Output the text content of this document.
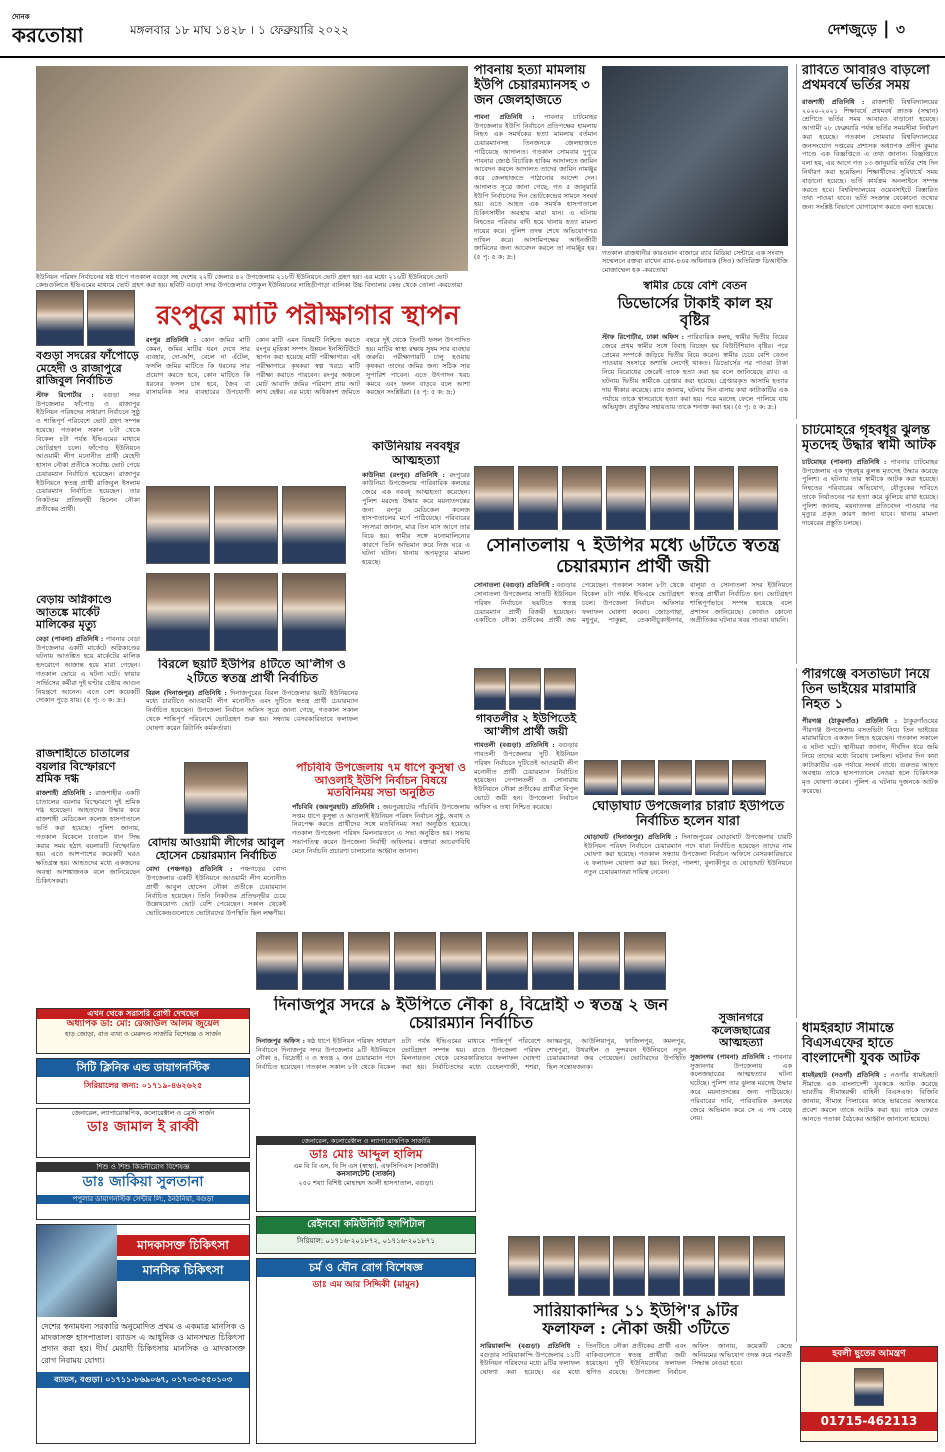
দৈনিক
করতোয়া	মঙ্গলবার ১৮ মাঘ ১৪২৮ । ১ ফেব্রুয়ারি ২০২২	দেশজুড়ে | ৩
ইউনিয়ন পরিষদ নির্বাচনের ষষ্ঠ ধাপে গতকাল বগুড়া সহ দেশের ২২টি জেলার ৪২ উপজেলায় ২১৮টি ইউনিয়নে ভোট গ্রহণ হয়। এর মধ্যে ২১৬টি ইউনিয়নে ভোট কেন্দ্রগুলিতে ইভিএমের মাধ্যমে ভোট গ্রহণ করা হয়। ছবিটি বগুড়া সদর উপজেলার গোকুল ইউনিয়নের লাহিড়ীপাড়া বালিকা উচ্চ বিদ্যালয় কেন্দ্র থেকে তোলা -করতোয়া
পাবনায় হত্যা মামলায় ইউপি চেয়ারম্যানসহ ৩ জন জেলহাজতে
পাবনা প্রতিনিধি : পাবনার চাটমোহর উপজেলার ইউপি নির্বাচনে প্রতিপক্ষের হামলায় নিহত এক সমর্থকের হত্যা মামলায় বর্তমান চেয়ারম্যানসহ তিনজনকে জেলহাজতে পাঠিয়েছে আদালত। গতকাল সোমবার দুপুরে পাবনার জ্যেষ্ঠ বিচারিক হাকিম আদালতে জামিন আবেদন করলে আদালত তাদের জামিন নামঞ্জুর করে জেলহাজতে পাঠানোর আদেশ দেন। আদালত সূত্রে জানা গেছে, গত ৫ জানুয়ারি ইউপি নির্বাচনের দিন ভোটকেন্দ্রের সামনে সংঘর্ষ হয়। এতে আহত এক সমর্থক হাসপাতালে চিকিৎসাধীন অবস্থায় মারা যান। এ ঘটনায় নিহতের পরিবার বাদী হয়ে থানায় হত্যা মামলা দায়ের করে। পুলিশ তদন্ত শেষে অভিযোগপত্র দাখিল করে। আসামিপক্ষের আইনজীবী জামিনের জন্য আবেদন করলে তা নামঞ্জুর হয়। (৫ পৃ: ৫ ক: দ্র:)
গতকাল রাজধানীর কারওয়ান বাজারে র‍্যাব মিডিয়া সেন্টারে এক সংবাদ সম্মেলনে বক্তব্য রাখেন র‍্যাব-৪এর অধিনায়ক (সিও) অতিরিক্ত ডিআইজি মোজাম্মেল হক -করতোয়া
স্বামীর চেয়ে বেশি বেতন
ডিভোর্সের টাকাই কাল হয় বৃষ্টির
স্টাফ রিপোর্টার, ঢাকা অফিস : পারিবারিক কলহ, স্বামীর দ্বিতীয় বিয়ের জেরে প্রথম স্বামীর সঙ্গে বিবাহ বিচ্ছেদ হয় বিউটিশিয়ান বৃষ্টির। পরে প্রেমের সম্পর্কে জড়িয়ে দ্বিতীয় বিয়ে করেন। স্বামীর চেয়ে বেশি বেতন পাওয়ায় সংসারে অশান্তি লেগেই থাকত। ডিভোর্সের পর পাওয়া টাকা নিয়ে বিরোধের জেরেই তাকে হত্যা করা হয় বলে জানিয়েছে র‍্যাব। এ ঘটনায় দ্বিতীয় স্বামীকে গ্রেপ্তার করা হয়েছে। গ্রেপ্তারকৃত আসামি হত্যার দায় স্বীকার করেছে। র‍্যাব জানায়, ঘটনার দিন বাসায় কথা কাটাকাটির এক পর্যায়ে তাকে শ্বাসরোধে হত্যা করা হয়। পরে মরদেহ ফেলে পালিয়ে যায় অভিযুক্ত। প্রযুক্তির সহায়তায় তাকে শনাক্ত করা হয়। (৫ পৃ: ৫ ক: দ্র:)
রাবিতে আবারও বাড়লো প্রথমবর্ষে ভর্তির সময়
রাজশাহী প্রতিনিধি : রাজশাহী বিশ্ববিদ্যালয়ের ২০২০-২০২১ শিক্ষাবর্ষে প্রথমবর্ষ স্নাতক (সম্মান) শ্রেণিতে ভর্তির সময় আবারও বাড়ানো হয়েছে। আগামী ২৮ ফেব্রুয়ারি পর্যন্ত ভর্তির সময়সীমা নির্ধারণ করা হয়েছে। গতকাল সোমবার বিশ্ববিদ্যালয়ের জনসংযোগ দপ্তরের প্রশাসক অধ্যাপক প্রদীপ কুমার পাণ্ডে এক বিজ্ঞপ্তিতে এ তথ্য জানান। বিজ্ঞপ্তিতে বলা হয়, এর আগে গত ১৩ জানুয়ারি ভর্তির শেষ দিন নির্ধারণ করা হয়েছিল। শিক্ষার্থীদের সুবিধার্থে সময় বাড়ানো হয়েছে। ভর্তি কার্যক্রম অনলাইনে সম্পন্ন করতে হবে। বিশ্ববিদ্যালয়ের ওয়েবসাইটে বিস্তারিত তথ্য পাওয়া যাবে। ভর্তি সংক্রান্ত যেকোনো তথ্যের জন্য সংশ্লিষ্ট বিভাগে যোগাযোগ করতে বলা হয়েছে।
চাটমোহরে গৃহবধূর ঝুলন্ত মৃতদেহ উদ্ধার স্বামী আটক
চাটমোহর (পাবনা) প্রতিনিধি : পাবনার চাটমোহর উপজেলায় এক গৃহবধূর ঝুলন্ত মৃতদেহ উদ্ধার করেছে পুলিশ। এ ঘটনায় তার স্বামীকে আটক করা হয়েছে। নিহতের পরিবারের অভিযোগ, যৌতুকের দাবিতে তাকে নির্যাতনের পর হত্যা করে ঝুলিয়ে রাখা হয়েছে। পুলিশ জানায়, ময়নাতদন্ত প্রতিবেদন পাওয়ার পর মৃত্যুর প্রকৃত কারণ জানা যাবে। থানায় মামলা দায়েরের প্রস্তুতি চলছে।
পীরগঞ্জে বসতভিটা নিয়ে তিন ভাইয়ের মারামারি নিহত ১
পীরগঞ্জ (ঠাকুরগাঁও) প্রতিনিধি : ঠাকুরগাঁওয়ের পীরগঞ্জ উপজেলায় বসতভিটা নিয়ে তিন ভাইয়ের মারামারিতে একজন নিহত হয়েছেন। গতকাল সকালে এ ঘটনা ঘটে। স্থানীয়রা জানান, দীর্ঘদিন ধরে জমি নিয়ে তাদের মধ্যে বিরোধ চলছিল। ঘটনার দিন কথা কাটাকাটির এক পর্যায়ে সংঘর্ষ বাধে। গুরুতর আহত অবস্থায় তাকে হাসপাতালে নেওয়া হলে চিকিৎসক মৃত ঘোষণা করেন। পুলিশ এ ঘটনায় দুজনকে আটক করেছে।
ধামইরহাট সীমান্তে বিএসএফের হাতে বাংলাদেশী যুবক আটক
ধামইরহাট (নওগাঁ) প্রতিনিধি : নওগাঁর ধামইরহাট সীমান্তে এক বাংলাদেশী যুবককে আটক করেছে ভারতীয় সীমান্তরক্ষী বাহিনী বিএসএফ। বিজিবি জানায়, সীমান্ত পিলারের কাছে ভারতের অভ্যন্তরে প্রবেশ করলে তাকে আটক করা হয়। তাকে ফেরত আনতে পতাকা বৈঠকের আহ্বান জানানো হয়েছে।
হবলী ছুতের আমন্ত্রণ
01715-462113
রংপুরে মাটি পরীক্ষাগার স্থাপন
রংপুর প্রতিনিধি : কোন জমির মাটি কেমন, জমির মাটির ধরন দেখে সার ব্যবহার, দো-আঁশ, বেলে না এঁটেল, ফসলি জমির মাটিতে কি ধরনের সার প্রয়োগ করতে হবে, কোন মাটিতে কি ধরনের ফসল চাষ হবে, জৈব বা রাসায়নিক সার ব্যবহারের উপযোগী কোন মাটি এমন বিষয়টি নিশ্চিত করতে রংপুর মৃত্তিকা সম্পদ উন্নয়ন ইনস্টিটিউটে স্থাপন করা হয়েছে মাটি পরীক্ষাগার। এই পরীক্ষাগারে কৃষকরা স্বল্প খরচে মাটি পরীক্ষা করাতে পারবেন। রংপুর অঞ্চলে মোট আবাদি জমির পরিমাণ প্রায় আট লাখ হেক্টর। এর মধ্যে অধিকাংশ জমিতে বছরে দুই থেকে তিনটি ফসল উৎপাদিত হয়। মাটির স্বাস্থ্য রক্ষায় সুষম সার ব্যবহার জরুরি। পরীক্ষাগারটি চালু হওয়ায় কৃষকরা তাদের জমির জন্য সঠিক সার সুপারিশ পাবেন। এতে উৎপাদন খরচ কমবে এবং ফলন বাড়বে বলে আশা করছেন সংশ্লিষ্টরা। (৫ পৃ: ৫ ক: দ্র:)
বগুড়া সদরের ফাঁপোড়ে মেহেদী ও রাজাপুরে রাজিবুল নির্বাচিত
স্টাফ রিপোর্টার : বগুড়া সদর উপজেলার ফাঁপোড় ও রাজাপুর ইউনিয়ন পরিষদের সাধারণ নির্বাচনে সুষ্ঠু ও শান্তিপূর্ণ পরিবেশে ভোট গ্রহণ সম্পন্ন হয়েছে। গতকাল সকাল ৮টা থেকে বিকেল ৪টা পর্যন্ত ইভিএমের মাধ্যমে ভোটগ্রহণ চলে। ফাঁপোড় ইউনিয়নে আওয়ামী লীগ মনোনীত প্রার্থী মেহেদী হাসান নৌকা প্রতীকে সর্বোচ্চ ভোট পেয়ে চেয়ারম্যান নির্বাচিত হয়েছেন। রাজাপুর ইউনিয়নে স্বতন্ত্র প্রার্থী রাজিবুল ইসলাম চেয়ারম্যান নির্বাচিত হয়েছেন। তার নিকটতম প্রতিদ্বন্দ্বী ছিলেন নৌকা প্রতীকের প্রার্থী।
বেড়ায় অগ্নিকাণ্ডে আতঙ্কে মার্কেট মালিকের মৃত্যু
বেড়া (পাবনা) প্রতিনিধি : পাবনার বেড়া উপজেলার একটি মার্কেটে অগ্নিকাণ্ডের ঘটনায় আতঙ্কিত হয়ে মার্কেটের মালিক হৃদরোগে আক্রান্ত হয়ে মারা গেছেন। গতকাল ভোরে এ ঘটনা ঘটে। ফায়ার সার্ভিসের কর্মীরা দুই ঘণ্টার চেষ্টায় আগুন নিয়ন্ত্রণে আনেন। এতে বেশ কয়েকটি দোকান পুড়ে যায়। (৫ পৃ: ৩ ক: দ্র:)
রাজশাহীতে চাতালের বয়লার বিস্ফোরণে শ্রমিক দগ্ধ
রাজশাহী প্রতিনিধি : রাজশাহীর একটি চাতালের বয়লার বিস্ফোরণে দুই শ্রমিক দগ্ধ হয়েছেন। আহতদের উদ্ধার করে রাজশাহী মেডিকেল কলেজ হাসপাতালে ভর্তি করা হয়েছে। পুলিশ জানায়, গতকাল বিকেলে চাতালে ধান সিদ্ধ করার সময় হঠাৎ বয়লারটি বিস্ফোরিত হয়। এতে আশপাশের কয়েকটি ঘরও ক্ষতিগ্রস্ত হয়। আহতদের মধ্যে একজনের অবস্থা আশঙ্কাজনক বলে জানিয়েছেন চিকিৎসকরা।
কাউনিয়ায় নববধূর আত্মহত্যা
কাউনিয়া (রংপুর) প্রতিনিধি : রংপুরের কাউনিয়া উপজেলায় পারিবারিক কলহের জেরে এক নববধূ আত্মহত্যা করেছেন। পুলিশ মরদেহ উদ্ধার করে ময়নাতদন্তের জন্য রংপুর মেডিকেল কলেজ হাসপাতালের মর্গে পাঠিয়েছে। পরিবারের সদস্যরা জানান, মাত্র তিন মাস আগে তার বিয়ে হয়। স্বামীর সঙ্গে মনোমালিন্যের কারণে তিনি অভিমান করে নিজ ঘরে এ ঘটনা ঘটান। থানায় অপমৃত্যুর মামলা হয়েছে।
বিরলে ছয়টি ইউপির ৪টিতে আ'লীগ ও ২টিতে স্বতন্ত্র প্রার্থী নির্বাচিত
বিরল (দিনাজপুর) প্রতিনিধি : দিনাজপুরের বিরল উপজেলার ছয়টি ইউনিয়নের মধ্যে চারটিতে আওয়ামী লীগ মনোনীত এবং দুটিতে স্বতন্ত্র প্রার্থী চেয়ারম্যান নির্বাচিত হয়েছেন। উপজেলা নির্বাচন অফিস সূত্রে জানা গেছে, গতকাল সকাল থেকে শান্তিপূর্ণ পরিবেশে ভোটগ্রহণ শুরু হয়। সন্ধ্যায় বেসরকারিভাবে ফলাফল ঘোষণা করেন রিটার্নিং কর্মকর্তারা।
বোদায় আওয়ামী লীগের আবুল হোসেন চেয়ারম্যান নির্বাচিত
বোদা (পঞ্চগড়) প্রতিনিধি : পঞ্চগড়ের বোদা উপজেলার একটি ইউনিয়নে আওয়ামী লীগ মনোনীত প্রার্থী আবুল হোসেন নৌকা প্রতীকে চেয়ারম্যান নির্বাচিত হয়েছেন। তিনি নিকটতম প্রতিদ্বন্দ্বীর চেয়ে উল্লেখযোগ্য ভোট বেশি পেয়েছেন। সকাল থেকেই ভোটকেন্দ্রগুলোতে ভোটারদের উপস্থিতি ছিল লক্ষণীয়।
পাঁচবিবি উপজেলায় ৭ম ধাপে কুসুম্বা ও আওলাই ইউপি নির্বাচন বিষয়ে মতবিনিময় সভা অনুষ্ঠিত
পাঁচবিবি (জয়পুরহাট) প্রতিনিধি : জয়পুরহাটের পাঁচবিবি উপজেলায় সপ্তম ধাপে কুসুম্বা ও আওলাই ইউনিয়ন পরিষদ নির্বাচন সুষ্ঠু, অবাধ ও নিরপেক্ষ করতে প্রার্থীদের সঙ্গে মতবিনিময় সভা অনুষ্ঠিত হয়েছে। গতকাল উপজেলা পরিষদ মিলনায়তনে এ সভা অনুষ্ঠিত হয়। সভায় সভাপতিত্ব করেন উপজেলা নির্বাহী অফিসার। বক্তারা আচরণবিধি মেনে নির্বাচনি প্রচারণা চালানোর আহ্বান জানান।
সোনাতলায় ৭ ইউপির মধ্যে ৬টিতে স্বতন্ত্র চেয়ারম্যান প্রার্থী জয়ী
সোনাতলা (বগুড়া) প্রতিনিধি : বগুড়ার সোনাতলা উপজেলার সাতটি ইউনিয়ন পরিষদ নির্বাচনে ছয়টিতে স্বতন্ত্র চেয়ারম্যান প্রার্থী বিজয়ী হয়েছেন। একটিতে নৌকা প্রতীকের প্রার্থী জয় পেয়েছেন। গতকাল সকাল ৮টা থেকে বিকেল ৪টা পর্যন্ত ইভিএমে ভোটগ্রহণ চলে। উপজেলা নির্বাচন অফিসার ফলাফল ঘোষণা করেন। জোড়গাছা, মধুপুর, পাকুল্লা, তেকানীচুকাইনগর, বালুয়া ও সোনাতলা সদর ইউনিয়নে স্বতন্ত্র প্রার্থীরা নির্বাচিত হন। ভোটগ্রহণ শান্তিপূর্ণভাবে সম্পন্ন হয়েছে বলে প্রশাসন জানিয়েছে। কোথাও কোনো অপ্রীতিকর ঘটনার খবর পাওয়া যায়নি।
গাবতলীর ২ ইউপিতেই আ'লীগ প্রার্থী জয়ী
গাবতলী (বগুড়া) প্রতিনিধি : বগুড়ার গাবতলী উপজেলার দুটি ইউনিয়ন পরিষদ নির্বাচনে দুটিতেই আওয়ামী লীগ মনোনীত প্রার্থী চেয়ারম্যান নির্বাচিত হয়েছেন। নেপালতলী ও সোনারায় ইউনিয়নে নৌকা প্রতীকের প্রার্থীরা বিপুল ভোটে জয়ী হন। উপজেলা নির্বাচন অফিস এ তথ্য নিশ্চিত করেছে।	ঘোড়াঘাট উপজেলার চারটি ইউপিতে নির্বাচিত হলেন যারা
ঘোড়াঘাট (দিনাজপুর) প্রতিনিধি : দিনাজপুরের ঘোড়াঘাট উপজেলার চারটি ইউনিয়ন পরিষদ নির্বাচনে চেয়ারম্যান পদে যারা নির্বাচিত হয়েছেন তাদের নাম ঘোষণা করা হয়েছে। গতকাল সন্ধ্যায় উপজেলা নির্বাচন অফিসে বেসরকারিভাবে এ ফলাফল ঘোষণা করা হয়। সিংড়া, পালশা, বুলাকীপুর ও ঘোড়াঘাট ইউনিয়নে নতুন চেয়ারম্যানরা দায়িত্ব নেবেন।
সুজানগরে কলেজছাত্রের আত্মহত্যা
সুজানগর (পাবনা) প্রতিনিধি : পাবনার সুজানগর উপজেলায় এক কলেজছাত্রের আত্মহত্যার ঘটনা ঘটেছে। পুলিশ তার ঝুলন্ত মরদেহ উদ্ধার করে ময়নাতদন্তের জন্য পাঠিয়েছে। পরিবারের দাবি, পারিবারিক কলহের জেরে অভিমান করে সে এ পথ বেছে নেয়।
দিনাজপুর সদরে ৯ ইউপিতে নৌকা ৪, বিদ্রোহী ৩ স্বতন্ত্র ২ জন চেয়ারম্যান নির্বাচিত
দিনাজপুর অফিস : ষষ্ঠ ধাপে ইউনিয়ন পরিষদ সাধারণ নির্বাচনে দিনাজপুর সদর উপজেলার ৯টি ইউনিয়নে নৌকা ৪, বিদ্রোহী ৩ ও স্বতন্ত্র ২ জন চেয়ারম্যান পদে নির্বাচিত হয়েছেন। গতকাল সকাল ৮টা থেকে বিকেল ৪টা পর্যন্ত ইভিএমের মাধ্যমে শান্তিপূর্ণ পরিবেশে ভোটগ্রহণ সম্পন্ন হয়। রাতে উপজেলা পরিষদ মিলনায়তন থেকে বেসরকারিভাবে ফলাফল ঘোষণা করা হয়। নির্বাচিতদের মধ্যে চেহেলগাজী, শশরা, আস্করপুর, আউলিয়াপুর, ফাজিলপুর, কমলপুর, শেখপুরা, উথরাইল ও সুন্দরবন ইউনিয়নে নতুন চেয়ারম্যানরা জয় পেয়েছেন। ভোটারদের উপস্থিতি ছিল সন্তোষজনক।
সারিয়াকান্দির ১১ ইউপি'র ৯টির
ফলাফল : নৌকা জয়ী ৩টিতে
সারিয়াকান্দি (বগুড়া) প্রতিনিধি : বগুড়ার সারিয়াকান্দি উপজেলার ১১টি ইউনিয়ন পরিষদের মধ্যে ৯টির ফলাফল ঘোষণা করা হয়েছে। এর মধ্যে তিনটিতে নৌকা প্রতীকের প্রার্থী এবং বাকিগুলোতে স্বতন্ত্র প্রার্থীরা জয়ী হয়েছেন। দুটি ইউনিয়নের ফলাফল স্থগিত রয়েছে। উপজেলা নির্বাচন অফিস জানায়, কয়েকটি কেন্দ্রে অনিয়মের অভিযোগ তদন্ত করে পরবর্তী সিদ্ধান্ত নেওয়া হবে।
এখন থেকে সরাসরি রোগী দেখছেন
অধ্যাপক ডা: মো: রেজাউল আলম জুয়েল
হাড় জোড়া, বাত ব্যথা ও মেরুদণ্ড সার্জারি বিশেষজ্ঞ ও সার্জন
সিটি ক্লিনিক এন্ড ডায়াগনস্টিক
সিরিয়ালের জন্য: ০১৭১৯-৪৬২৬২৫
জেনারেল, ল্যাপারোস্কপিক, কলোরেক্টাল ও ব্রেস্ট সার্জন
ডাঃ জামাল ই রাব্বী
শিশু ও শিশু কিডনীরোগ বিশেষজ্ঞ
ডাঃ জাকিয়া সুলতানা
পপুলার ডায়াগনস্টিক সেন্টার লি:, ঠনঠনিয়া, বগুড়া
মাদকাসক্ত চিকিৎসা
মানসিক চিকিৎসা
দেশের স্বনামধন্য সরকারি অনুমোদিত প্রথম ও একমাত্র মানসিক ও মাদকাসক্ত হাসপাতাল। ব্যাডস এ আধুনিক ও মানসম্মত চিকিৎসা প্রদান করা হয়। দীর্ঘ মেয়াদী চিকিৎসায় মানসিক ও মাদকাসক্ত রোগ নিরাময় যোগ্য।
ব্যাডস, বগুড়া। ০১৭১১-৮৬৯০৬৭, ০১৭০৩-৫৫০১০৩
জেনারেল, কলোরেক্টাল ও ল্যাপারোস্কপিক সার্জারি
ডাঃ মোঃ আব্দুল হালিম
এম বি বি এস, বি সি এস (স্বাস্থ্য), এফসিপিএস (সার্জারী)
কনসালটেন্ট (সার্জন)
২৫০ শয্যা বিশিষ্ট মোহাম্মদ আলী হাসপাতাল, বগুড়া।
রেইনবো কমিউনিটি হসপিটাল
সিরিয়াল: ০১৭১৬-২০১৮৭২, ০১৭১৬-২০১৮৭১
চর্ম ও যৌন রোগ বিশেষজ্ঞ
ডাঃ এম আর সিদ্দিকী (মামুন)
